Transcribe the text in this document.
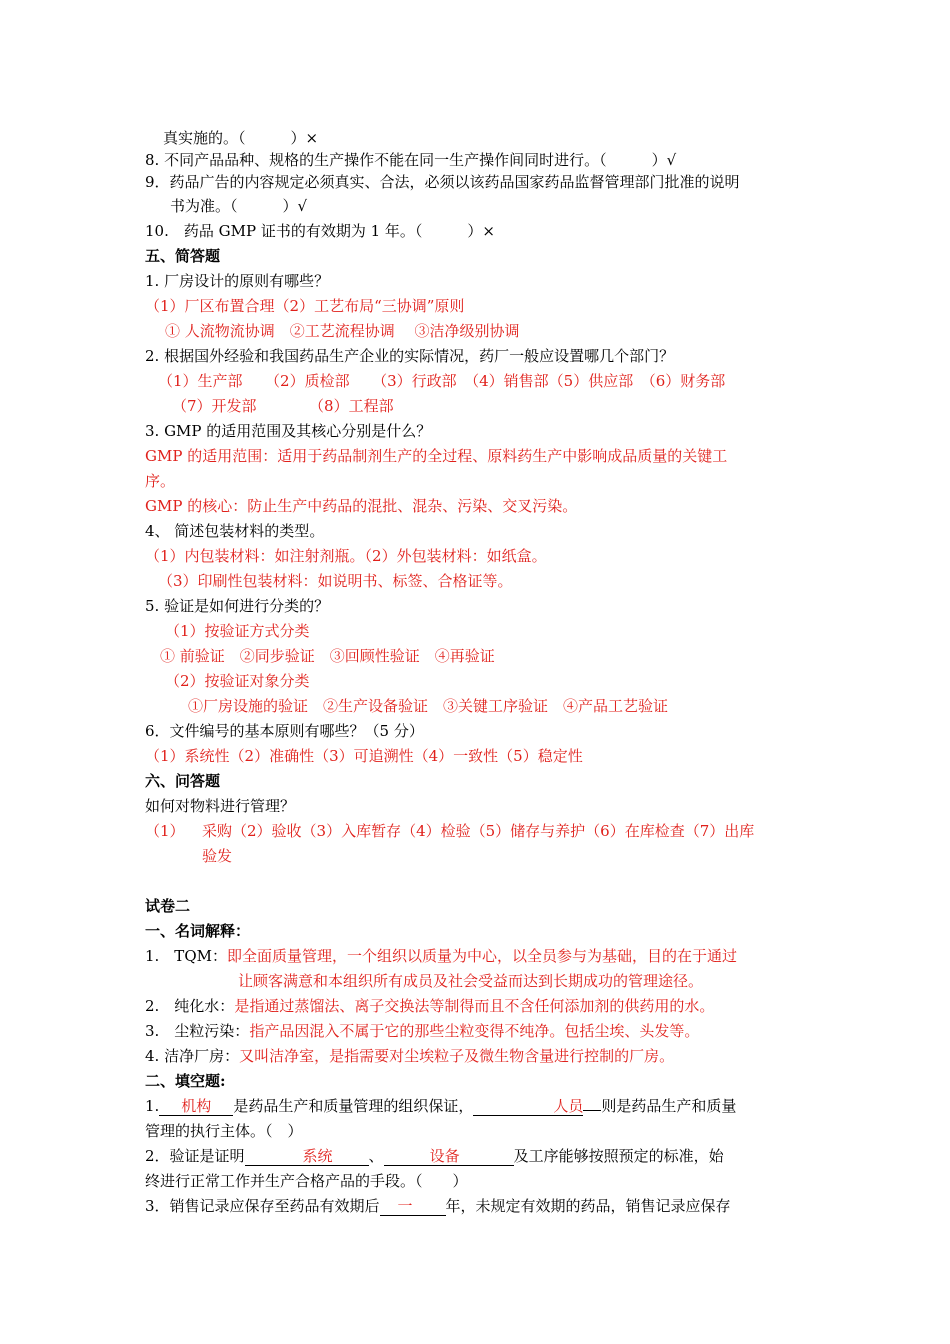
真实施的。（　　　）×
8. 不同产品品种、规格的生产操作不能在同一生产操作间同时进行。（　　　）√
9．药品广告的内容规定必须真实、合法，必须以该药品国家药品监督管理部门批准的说明
书为准。（　　　）√
10.　药品 GMP 证书的有效期为 1 年。（　　　）×
五、简答题
1. 厂房设计的原则有哪些？
（1）厂区布置合理（2）工艺布局“三协调”原则
① 人流物流协调　②工艺流程协调　 ③洁净级别协调
2. 根据国外经验和我国药品生产企业的实际情况，药厂一般应设置哪几个部门？
（1）生产部　　（2）质检部　　（3）行政部　（4）销售部（5）供应部　（6）财务部
（7）开发部　　　　（8）工程部
3. GMP 的适用范围及其核心分别是什么？
GMP 的适用范围：适用于药品制剂生产的全过程、原料药生产中影响成品质量的关键工
序。
GMP 的核心：防止生产中药品的混批、混杂、污染、交叉污染。
4、 简述包装材料的类型。
（1）内包装材料：如注射剂瓶。（2）外包装材料：如纸盒。
（3）印刷性包装材料：如说明书、标签、合格证等。
5. 验证是如何进行分类的？
（1）按验证方式分类
① 前验证　②同步验证　③回顾性验证　④再验证
（2）按验证对象分类
①厂房设施的验证　②生产设备验证　③关键工序验证　④产品工艺验证
6．文件编号的基本原则有哪些？（5 分）
（1）系统性（2）准确性（3）可追溯性（4）一致性（5）稳定性
六、问答题
如何对物料进行管理？
（1） 采购（2）验收（3）入库暂存（4）检验（5）储存与养护（6）在库检查（7）出库
验发
试卷二
一、名词解释：
1.　TQM：即全面质量管理，一个组织以质量为中心，以全员参与为基础，目的在于通过
让顾客满意和本组织所有成员及社会受益而达到长期成功的管理途径。
2.　纯化水：是指通过蒸馏法、离子交换法等制得而且不含任何添加剂的供药用的水。
3.　尘粒污染：指产品因混入不属于它的那些尘粒变得不纯净。包括尘埃、头发等。
4. 洁净厂房：又叫洁净室，是指需要对尘埃粒子及微生物含量进行控制的厂房。
二、填空题:
1. 机构 是药品生产和质量管理的组织保证，	人员 则是药品生产和质量
管理的执行主体。（　）
2．验证是证明	系统 、	设备	及工序能够按照预定的标准，始
终进行正常工作并生产合格产品的手段。（　　）
3．销售记录应保存至药品有效期后 一 年，未规定有效期的药品，销售记录应保存
